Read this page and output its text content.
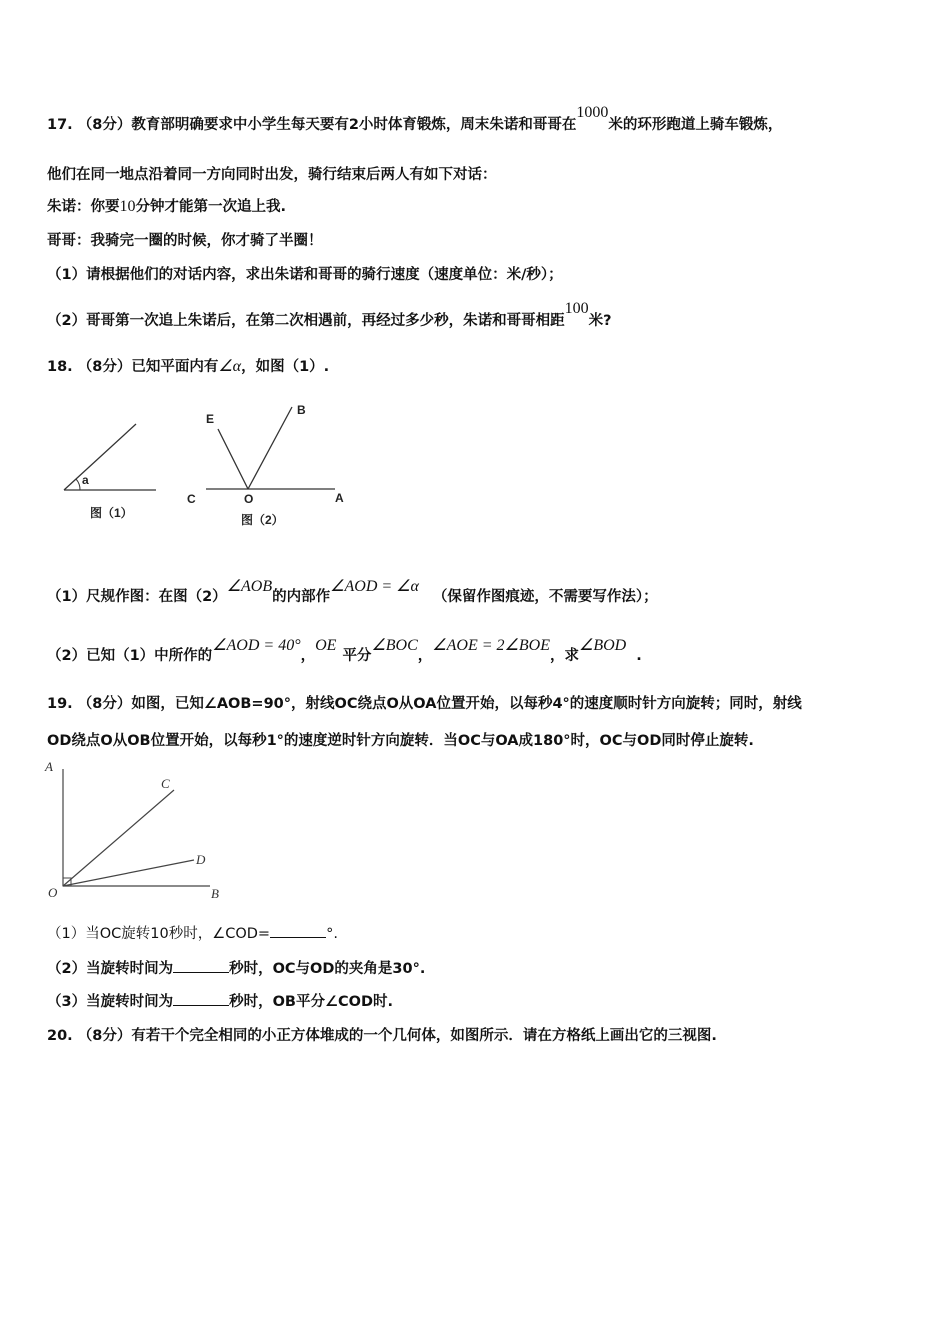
17. （8分）教育部明确要求中小学生每天要有2小时体育锻炼，周末朱诺和哥哥在1000米的环形跑道上骑车锻炼，
他们在同一地点沿着同一方向同时出发，骑行结束后两人有如下对话：
朱诺：你要10分钟才能第一次追上我.
哥哥：我骑完一圈的时候，你才骑了半圈！
（1）请根据他们的对话内容，求出朱诺和哥哥的骑行速度（速度单位：米/秒）；
（2）哥哥第一次追上朱诺后，在第二次相遇前，再经过多少秒，朱诺和哥哥相距100米?
18. （8分）已知平面内有∠α，如图（1）.
a
图（1）
E
B
C	O	A
图（2）
（1）尺规作图：在图（2）∠AOB的内部作∠AOD = ∠α（保留作图痕迹，不需要写作法）；
（2）已知（1）中所作的∠AOD = 40°，OE平分∠BOC，∠AOE = 2∠BOE，求∠BOD.
19. （8分）如图，已知∠AOB=90°，射线OC绕点O从OA位置开始，以每秒4°的速度顺时针方向旋转；同时，射线
OD绕点O从OB位置开始，以每秒1°的速度逆时针方向旋转．当OC与OA成180°时，OC与OD同时停止旋转.
A
C
D
O	B
（1）当OC旋转10秒时，∠COD=	°.
（2）当旋转时间为	秒时，OC与OD的夹角是30°.
（3）当旋转时间为	秒时，OB平分∠COD时.
20. （8分）有若干个完全相同的小正方体堆成的一个几何体，如图所示．请在方格纸上画出它的三视图.
